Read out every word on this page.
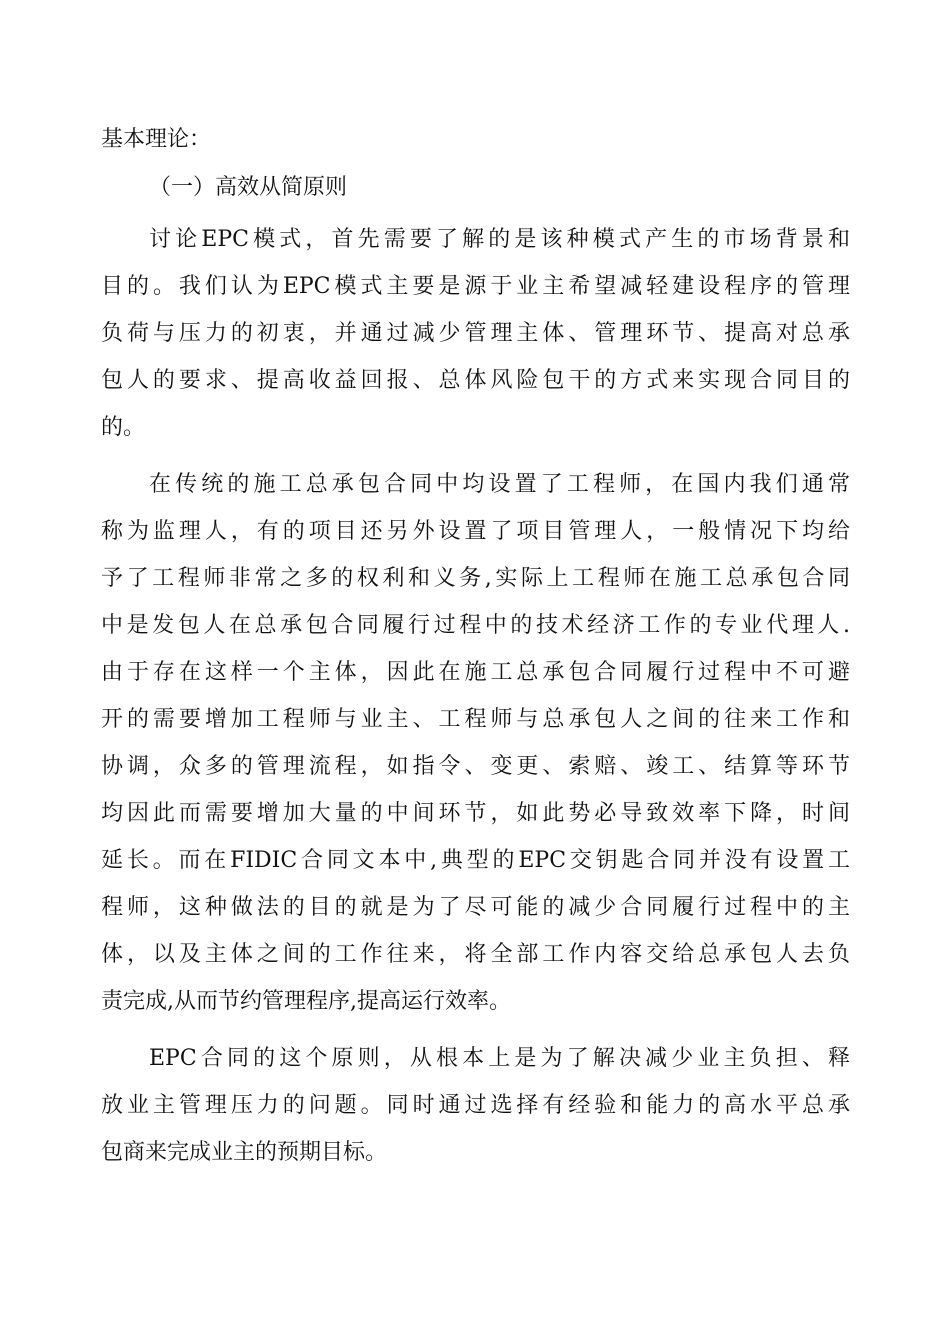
基本理论：
（一）高效从简原则
讨论EPC模式，首先需要了解的是该种模式产生的市场背景和
目的。我们认为EPC模式主要是源于业主希望减轻建设程序的管理
负荷与压力的初衷，并通过减少管理主体、管理环节、提高对总承
包人的要求、提高收益回报、总体风险包干的方式来实现合同目的
的。
在传统的施工总承包合同中均设置了工程师，在国内我们通常
称为监理人，有的项目还另外设置了项目管理人，一般情况下均给
予了工程师非常之多的权利和义务,实际上工程师在施工总承包合同
中是发包人在总承包合同履行过程中的技术经济工作的专业代理人.
由于存在这样一个主体，因此在施工总承包合同履行过程中不可避
开的需要增加工程师与业主、工程师与总承包人之间的往来工作和
协调，众多的管理流程，如指令、变更、索赔、竣工、结算等环节
均因此而需要增加大量的中间环节，如此势必导致效率下降，时间
延长。而在FIDIC合同文本中,典型的EPC交钥匙合同并没有设置工
程师，这种做法的目的就是为了尽可能的减少合同履行过程中的主
体，以及主体之间的工作往来，将全部工作内容交给总承包人去负
责完成,从而节约管理程序,提高运行效率。
EPC合同的这个原则，从根本上是为了解决减少业主负担、释
放业主管理压力的问题。同时通过选择有经验和能力的高水平总承
包商来完成业主的预期目标。
